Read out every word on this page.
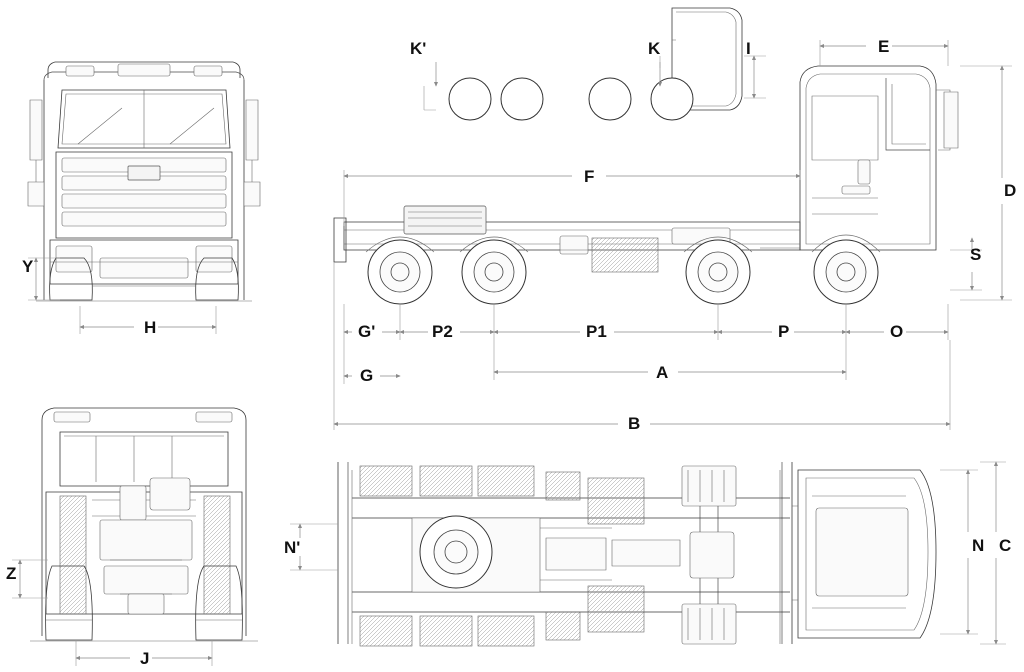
Y
H
Z
J
K'	K	I	E
D
S
F
G'	P2	P1	P	O
G	A
B
N'	N C
